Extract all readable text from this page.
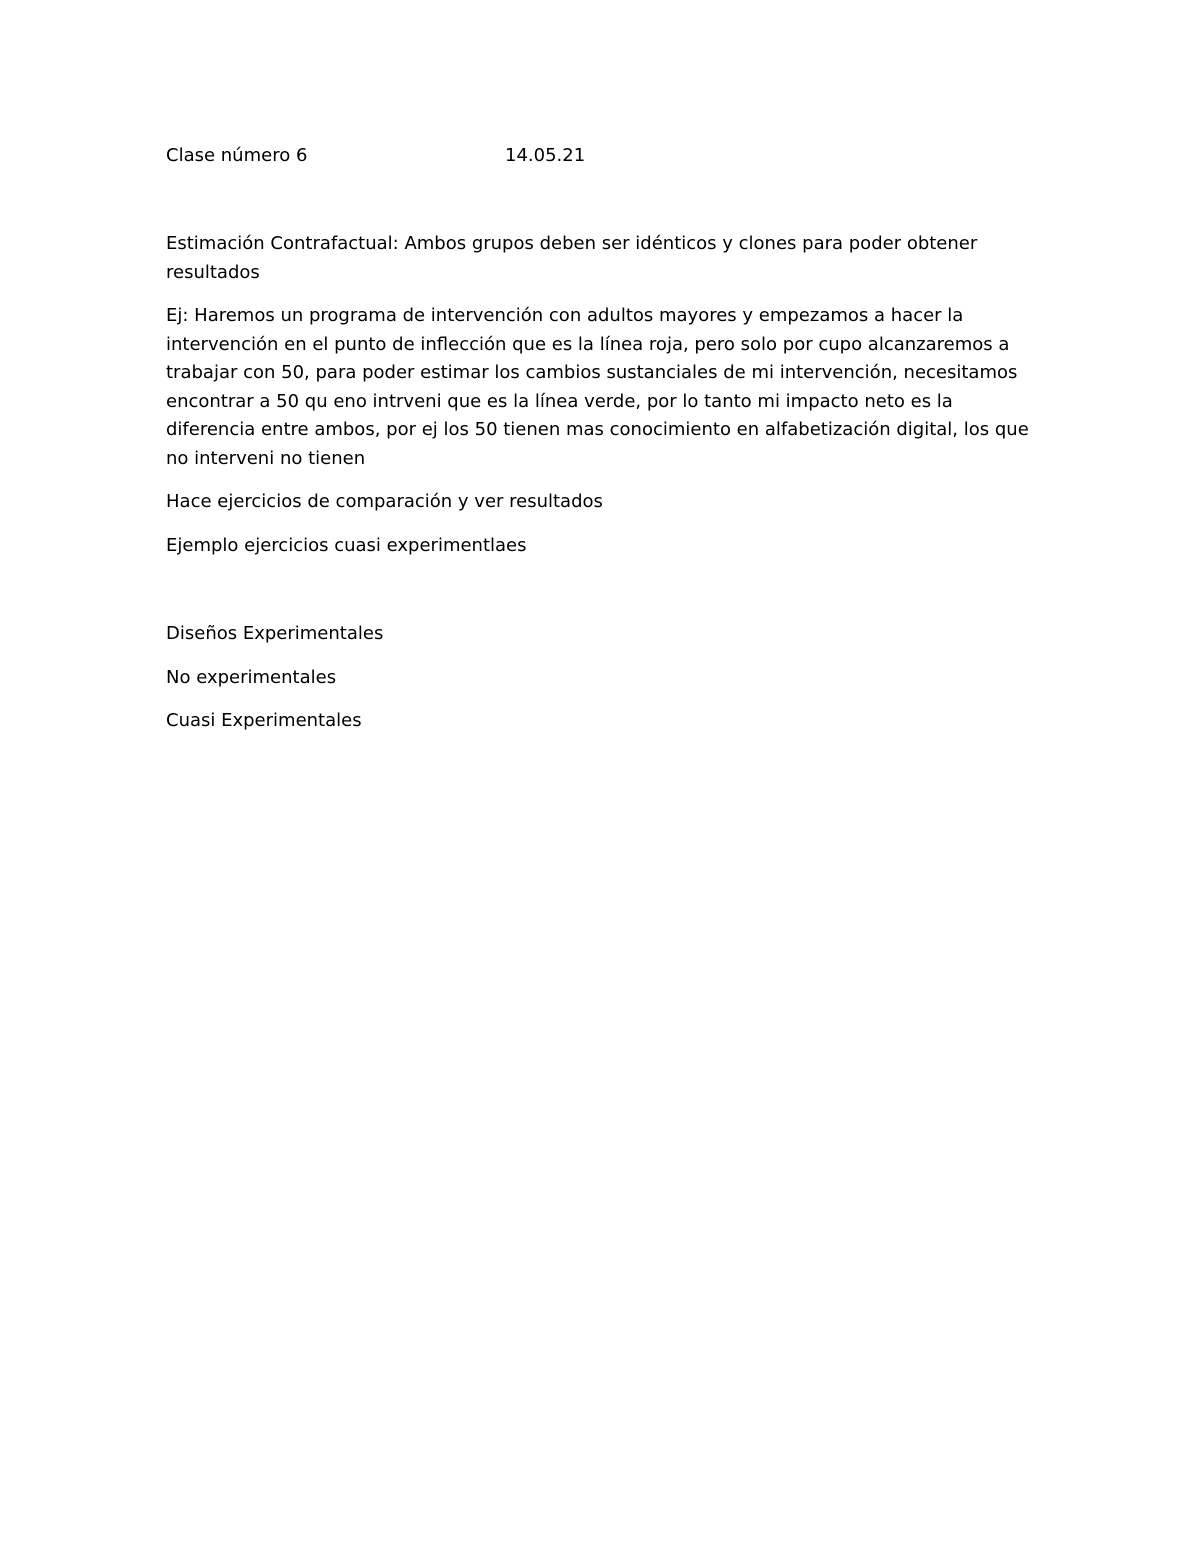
Clase número 6	14.05.21

Estimación Contrafactual: Ambos grupos deben ser idénticos y clones para poder obtener resultados

Ej: Haremos un programa de intervención con adultos mayores y empezamos a hacer la intervención en el punto de inflección que es la línea roja, pero solo por cupo alcanzaremos a trabajar con 50, para poder estimar los cambios sustanciales de mi intervención, necesitamos encontrar a 50 qu eno intrveni que es la línea verde, por lo tanto mi impacto neto es la diferencia entre ambos, por ej los 50 tienen mas conocimiento en alfabetización digital, los que no interveni no tienen

Hace ejercicios de comparación y ver resultados

Ejemplo ejercicios cuasi experimentlaes

Diseños Experimentales

No experimentales

Cuasi Experimentales
